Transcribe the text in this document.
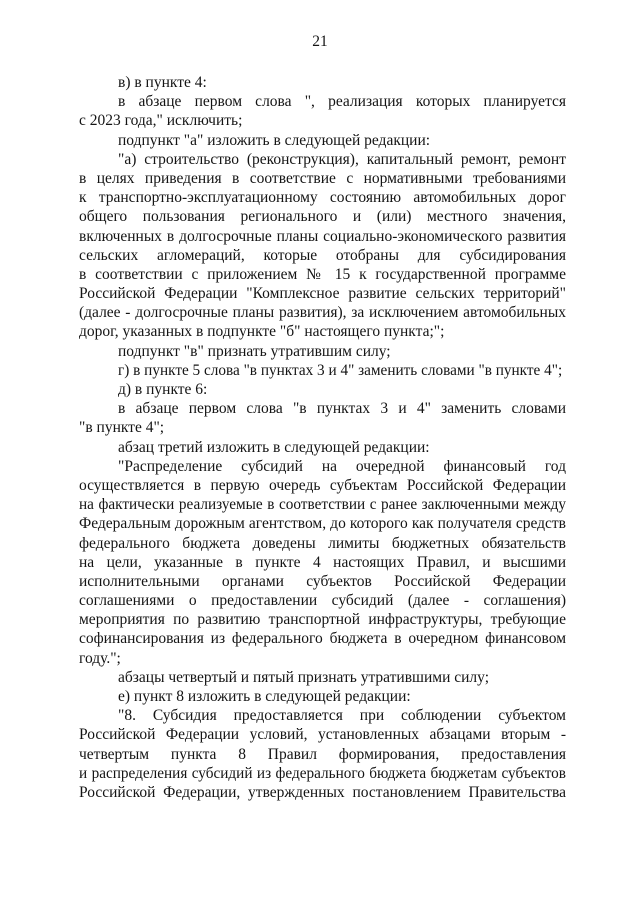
21
в) в пункте 4:
в абзаце первом слова ", реализация которых планируется
с 2023 года," исключить;
подпункт "а" изложить в следующей редакции:
"а) строительство (реконструкция), капитальный ремонт, ремонт
в целях приведения в соответствие с нормативными требованиями
к транспортно-эксплуатационному состоянию автомобильных дорог
общего пользования регионального и (или) местного значения,
включенных в долгосрочные планы социально-экономического развития
сельских агломераций, которые отобраны для субсидирования
в соответствии с приложением № 15 к государственной программе
Российской Федерации "Комплексное развитие сельских территорий"
(далее - долгосрочные планы развития), за исключением автомобильных
дорог, указанных в подпункте "б" настоящего пункта;";
подпункт "в" признать утратившим силу;
г) в пункте 5 слова "в пунктах 3 и 4" заменить словами "в пункте 4";
д) в пункте 6:
в абзаце первом слова "в пунктах 3 и 4" заменить словами
"в пункте 4";
абзац третий изложить в следующей редакции:
"Распределение субсидий на очередной финансовый год
осуществляется в первую очередь субъектам Российской Федерации
на фактически реализуемые в соответствии с ранее заключенными между
Федеральным дорожным агентством, до которого как получателя средств
федерального бюджета доведены лимиты бюджетных обязательств
на цели, указанные в пункте 4 настоящих Правил, и высшими
исполнительными органами субъектов Российской Федерации
соглашениями о предоставлении субсидий (далее - соглашения)
мероприятия по развитию транспортной инфраструктуры, требующие
софинансирования из федерального бюджета в очередном финансовом
году.";
абзацы четвертый и пятый признать утратившими силу;
е) пункт 8 изложить в следующей редакции:
"8. Субсидия предоставляется при соблюдении субъектом
Российской Федерации условий, установленных абзацами вторым -
четвертым пункта 8 Правил формирования, предоставления
и распределения субсидий из федерального бюджета бюджетам субъектов
Российской Федерации, утвержденных постановлением Правительства
